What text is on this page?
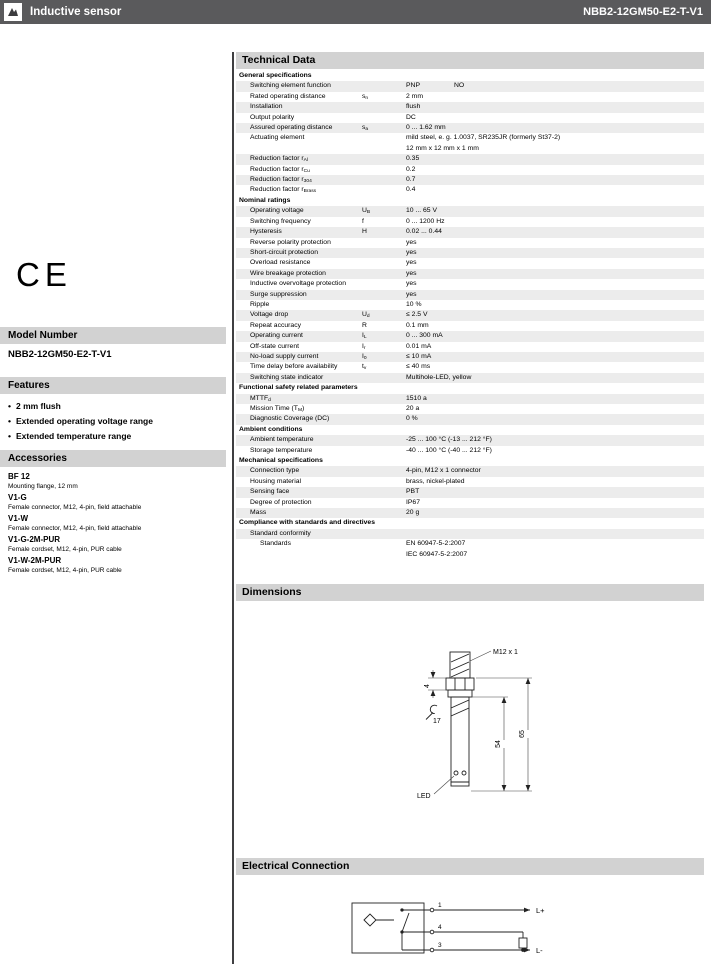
Inductive sensor	NBB2-12GM50-E2-T-V1
CE
Model Number
NBB2-12GM50-E2-T-V1
Features
• 2 mm flush
• Extended operating voltage range
• Extended temperature range
Accessories
BF 12
Mounting flange, 12 mm
V1-G
Female connector, M12, 4-pin, field attachable
V1-W
Female connector, M12, 4-pin, field attachable
V1-G-2M-PUR
Female cordset, M12, 4-pin, PUR cable
V1-W-2M-PUR
Female cordset, M12, 4-pin, PUR cable
Technical Data
General specifications
Switching element function	PNP	NO
Rated operating distance	$s_n$	2 mm
Installation	flush
Output polarity	DC
Assured operating distance	$s_a$	0 ... 1.62 mm
Actuating element	mild steel, e. g. 1.0037, SR235JR (formerly St37-2)
12 mm x 12 mm x 1 mm
Reduction factor $r_{Al}$	0.35
Reduction factor $r_{Cu}$	0.2
Reduction factor $r_{304}$	0.7
Reduction factor $r_{Brass}$	0.4
Nominal ratings
Operating voltage	$U_B$	10 ... 65 V
Switching frequency	f	0 ... 1200 Hz
Hysteresis	H	0.02 ... 0.44
Reverse polarity protection	yes
Short-circuit protection	yes
Overload resistance	yes
Wire breakage protection	yes
Inductive overvoltage protection	yes
Surge suppression	yes
Ripple	10 %
Voltage drop	$U_d$	≤ 2.5 V
Repeat accuracy	R	0.1 mm
Operating current	$I_L$	0 ... 300 mA
Off-state current	$I_r$	0.01 mA
No-load supply current	$I_0$	≤ 10 mA
Time delay before availability	$t_v$	≤ 40 ms
Switching state indicator	Multihole-LED, yellow
Functional safety related parameters
$MTTF_d$	1510 a
Mission Time $(T_M)$	20 a
Diagnostic Coverage (DC)	0 %
Ambient conditions
Ambient temperature	-25 ... 100 °C (-13 ... 212 °F)
Storage temperature	-40 ... 100 °C (-40 ... 212 °F)
Mechanical specifications
Connection type	4-pin, M12 x 1 connector
Housing material	brass, nickel-plated
Sensing face	PBT
Degree of protection	IP67
Mass	20 g
Compliance with standards and directives
Standard conformity
Standards	EN 60947-5-2:2007
IEC 60947-5-2:2007
Dimensions
M12 x 1
4
17
54
65
LED
Electrical Connection
1
4
3
L+
L-
